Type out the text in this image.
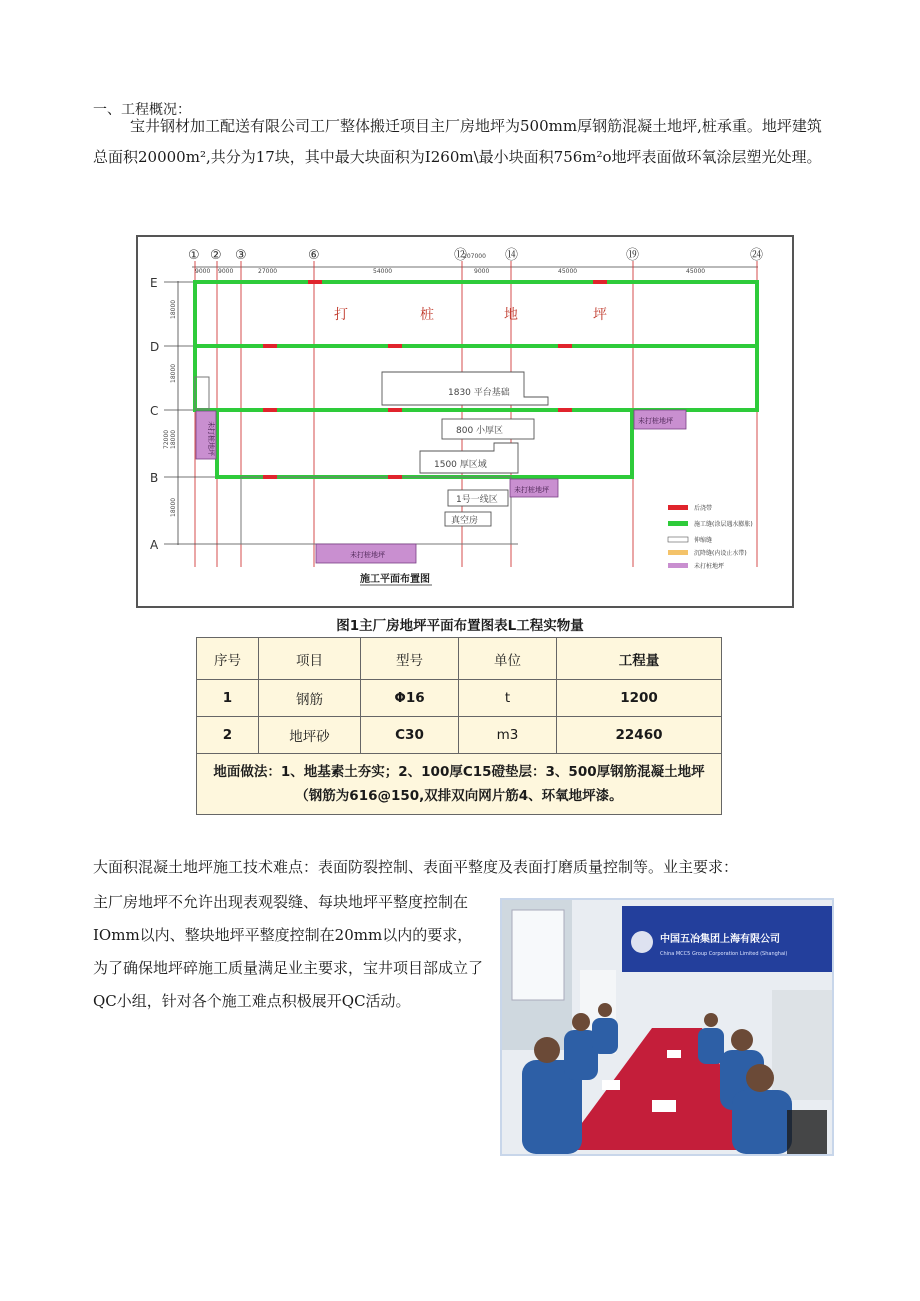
一、工程概况：
宝井钢材加工配送有限公司工厂整体搬迁项目主厂房地坪为500mm厚钢筋混凝土地坪,桩承重。地坪建筑总面积20000m²,共分为17块，其中最大块面积为I260m\最小块面积756m²o地坪表面做环氧涂层塑光处理。
① ② ③	⑥	⑫	⑭	⑲	㉔
207000
9000 9000	27000	54000	9000	45000	45000
E
D
C
B
A
18000
18000
18000
18000
72000
1830 平台基础
800 小厚区
1500 厚区域
1号一线区
真空房
打	桩	地	坪
未打桩地坪
未打桩地坪	未打桩地坪
未打桩地坪
施工平面布置图
后浇带
施工缝(涂层遇水膨胀)
伸缩缝
沉降缝(内设止水带)
未打桩地坪
图1主厂房地坪平面布置图表L工程实物量
序号	项目	型号	单位	工程量
1	钢筋	Φ16	t	1200
2	地坪砂	C30	m3	22460
地面做法：1、地基素土夯实；2、100厚C15磴垫层：3、500厚钢筋混凝土地坪（钢筋为616@150,双排双向网片筋4、环氧地坪漆。				
大面积混凝土地坪施工技术难点：表面防裂控制、表面平整度及表面打磨质量控制等。业主要求：
主厂房地坪不允许出现表观裂缝、每块地坪平整度控制在IOmm以内、整块地坪平整度控制在20mm以内的要求，为了确保地坪碎施工质量满足业主要求，宝井项目部成立了QC小组，针对各个施工难点积极展开QC活动。
中国五冶集团上海有限公司
China MCC5 Group Corporation Limited (Shanghai)
